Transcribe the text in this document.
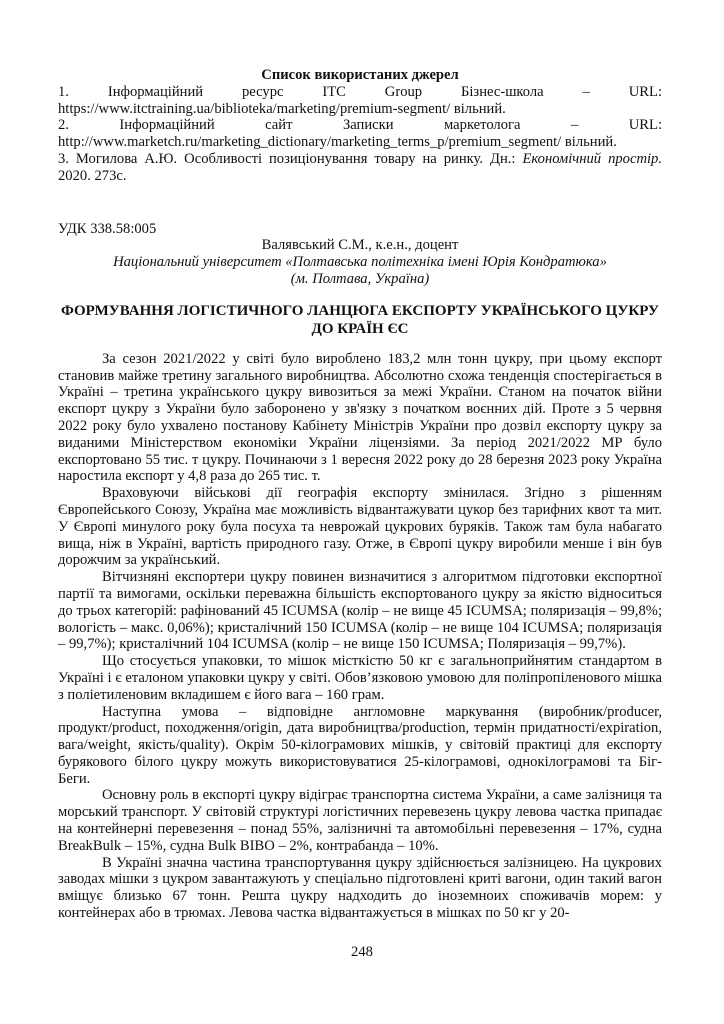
Список використаних джерел

1. Інформаційний ресурс ITC Group Бізнес-школа – URL: https://www.itctraining.ua/biblioteka/marketing/premium-segment/ вільний.

2. Інформаційний сайт Записки маркетолога – URL: http://www.marketch.ru/marketing_dictionary/marketing_terms_p/premium_segment/ вільний.

3. Могилова А.Ю. Особливості позиціонування товару на ринку. Дн.: Економічний простір. 2020. 273с.

УДК 338.58:005

Валявський С.М., к.е.н., доцент

Національний університет «Полтавська політехніка імені Юрія Кондратюка»

(м. Полтава, Україна)

ФОРМУВАННЯ ЛОГІСТИЧНОГО ЛАНЦЮГА ЕКСПОРТУ УКРАЇНСЬКОГО ЦУКРУ ДО КРАЇН ЄС

За сезон 2021/2022 у світі було вироблено 183,2 млн тонн цукру, при цьому експорт становив майже третину загального виробництва. Абсолютно схожа тенденція спостерігається в Україні – третина українського цукру вивозиться за межі України. Станом на початок війни експорт цукру з України було заборонено у зв'язку з початком воєнних дій. Проте з 5 червня 2022 року було ухвалено постанову Кабінету Міністрів України про дозвіл експорту цукру за виданими Міністерством економіки України ліцензіями. За період 2021/2022 МР було експортовано 55 тис. т цукру. Починаючи з 1 вересня 2022 року до 28 березня 2023 року Україна наростила експорт у 4,8 раза до 265 тис. т.

Враховуючи військові дії географія експорту змінилася. Згідно з рішенням Європейського Союзу, Україна має можливість відвантажувати цукор без тарифних квот та мит. У Європі минулого року була посуха та неврожай цукрових буряків. Також там була набагато вища, ніж в Україні, вартість природного газу. Отже, в Європі цукру виробили менше і він був дорожчим за український.

Вітчизняні експортери цукру повинен визначитися з алгоритмом підготовки експортної партії та вимогами, оскільки переважна більшість експортованого цукру за якістю відноситься до трьох категорій: рафінований 45 ICUMSA (колір – не вище 45 ICUMSA; поляризація – 99,8%; вологість – макс. 0,06%); кристалічний 150 ICUMSA (колір – не вище 104 ICUMSA; поляризація – 99,7%); кристалічний 104 ICUMSA (колір – не вище 150 ICUMSA; Поляризація – 99,7%).

Що стосується упаковки, то мішок місткістю 50 кг є загальноприйнятим стандартом в Україні і є еталоном упаковки цукру у світі. Обов’язковою умовою для поліпропіленового мішка з поліетиленовим вкладишем є його вага – 160 грам.

Наступна умова – відповідне англомовне маркування (виробник/producer, продукт/product, походження/origin, дата виробництва/production, термін придатності/expiration, вага/weight, якість/quality). Окрім 50-кілограмових мішків, у світовій практиці для експорту бурякового білого цукру можуть використовуватися 25-кілограмові, однокілограмові та Біг-Беги.

Основну роль в експорті цукру відіграє транспортна система України, а саме залізниця та морський транспорт. У світовій структурі логістичних перевезень цукру левова частка припадає на контейнерні перевезення – понад 55%, залізничні та автомобільні перевезення – 17%, судна BreakBulk – 15%, судна Bulk BIBO – 2%, контрабанда – 10%.

В Україні значна частина транспортування цукру здійснюється залізницею. На цукрових заводах мішки з цукром завантажують у спеціально підготовлені криті вагони, один такий вагон вміщує близько 67 тонн. Решта цукру надходить до іноземноих споживачів морем: у контейнерах або в трюмах. Левова частка відвантажується в мішках по 50 кг у 20-

248
